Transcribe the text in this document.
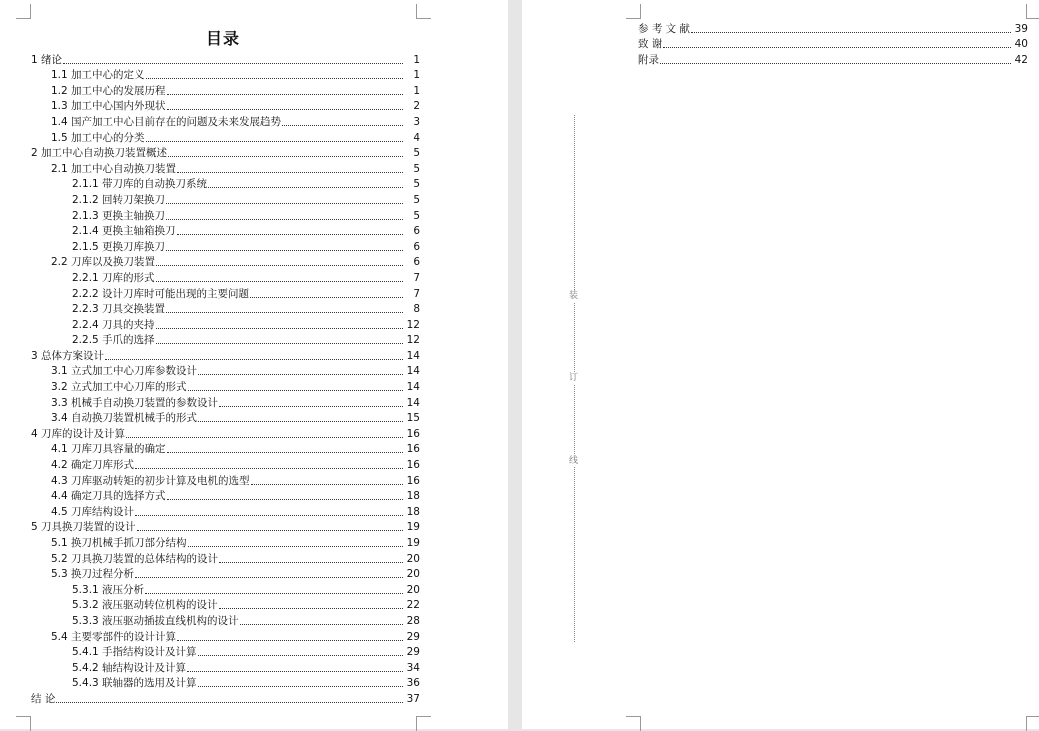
目录
1 绪论	1
1.1 加工中心的定义	1
1.2 加工中心的发展历程	1
1.3 加工中心国内外现状	2
1.4 国产加工中心目前存在的问题及未来发展趋势	3
1.5 加工中心的分类	4
2 加工中心自动换刀装置概述	5
2.1 加工中心自动换刀装置	5
2.1.1 带刀库的自动换刀系统	5
2.1.2 回转刀架换刀	5
2.1.3 更换主轴换刀	5
2.1.4 更换主轴箱换刀	6
2.1.5 更换刀库换刀	6
2.2 刀库以及换刀装置	6
2.2.1 刀库的形式	7
2.2.2 设计刀库时可能出现的主要问题	7
2.2.3 刀具交换装置	8
2.2.4 刀具的夹持	12
2.2.5 手爪的选择	12
3 总体方案设计	14
3.1 立式加工中心刀库参数设计	14
3.2 立式加工中心刀库的形式	14
3.3 机械手自动换刀装置的参数设计	14
3.4 自动换刀装置机械手的形式	15
4 刀库的设计及计算	16
4.1 刀库刀具容量的确定	16
4.2 确定刀库形式	16
4.3 刀库驱动转矩的初步计算及电机的选型	16
4.4 确定刀具的选择方式	18
4.5 刀库结构设计	18
5 刀具换刀装置的设计	19
5.1 换刀机械手抓刀部分结构	19
5.2 刀具换刀装置的总体结构的设计	20
5.3 换刀过程分析	20
5.3.1 液压分析	20
5.3.2 液压驱动转位机构的设计	22
5.3.3 液压驱动插拔直线机构的设计	28
5.4 主要零部件的设计计算	29
5.4.1 手指结构设计及计算	29
5.4.2 轴结构设计及计算	34
5.4.3 联轴器的选用及计算	36
结 论	37
参 考 文 献	39
致 谢	40
附录	42
装
订
线
